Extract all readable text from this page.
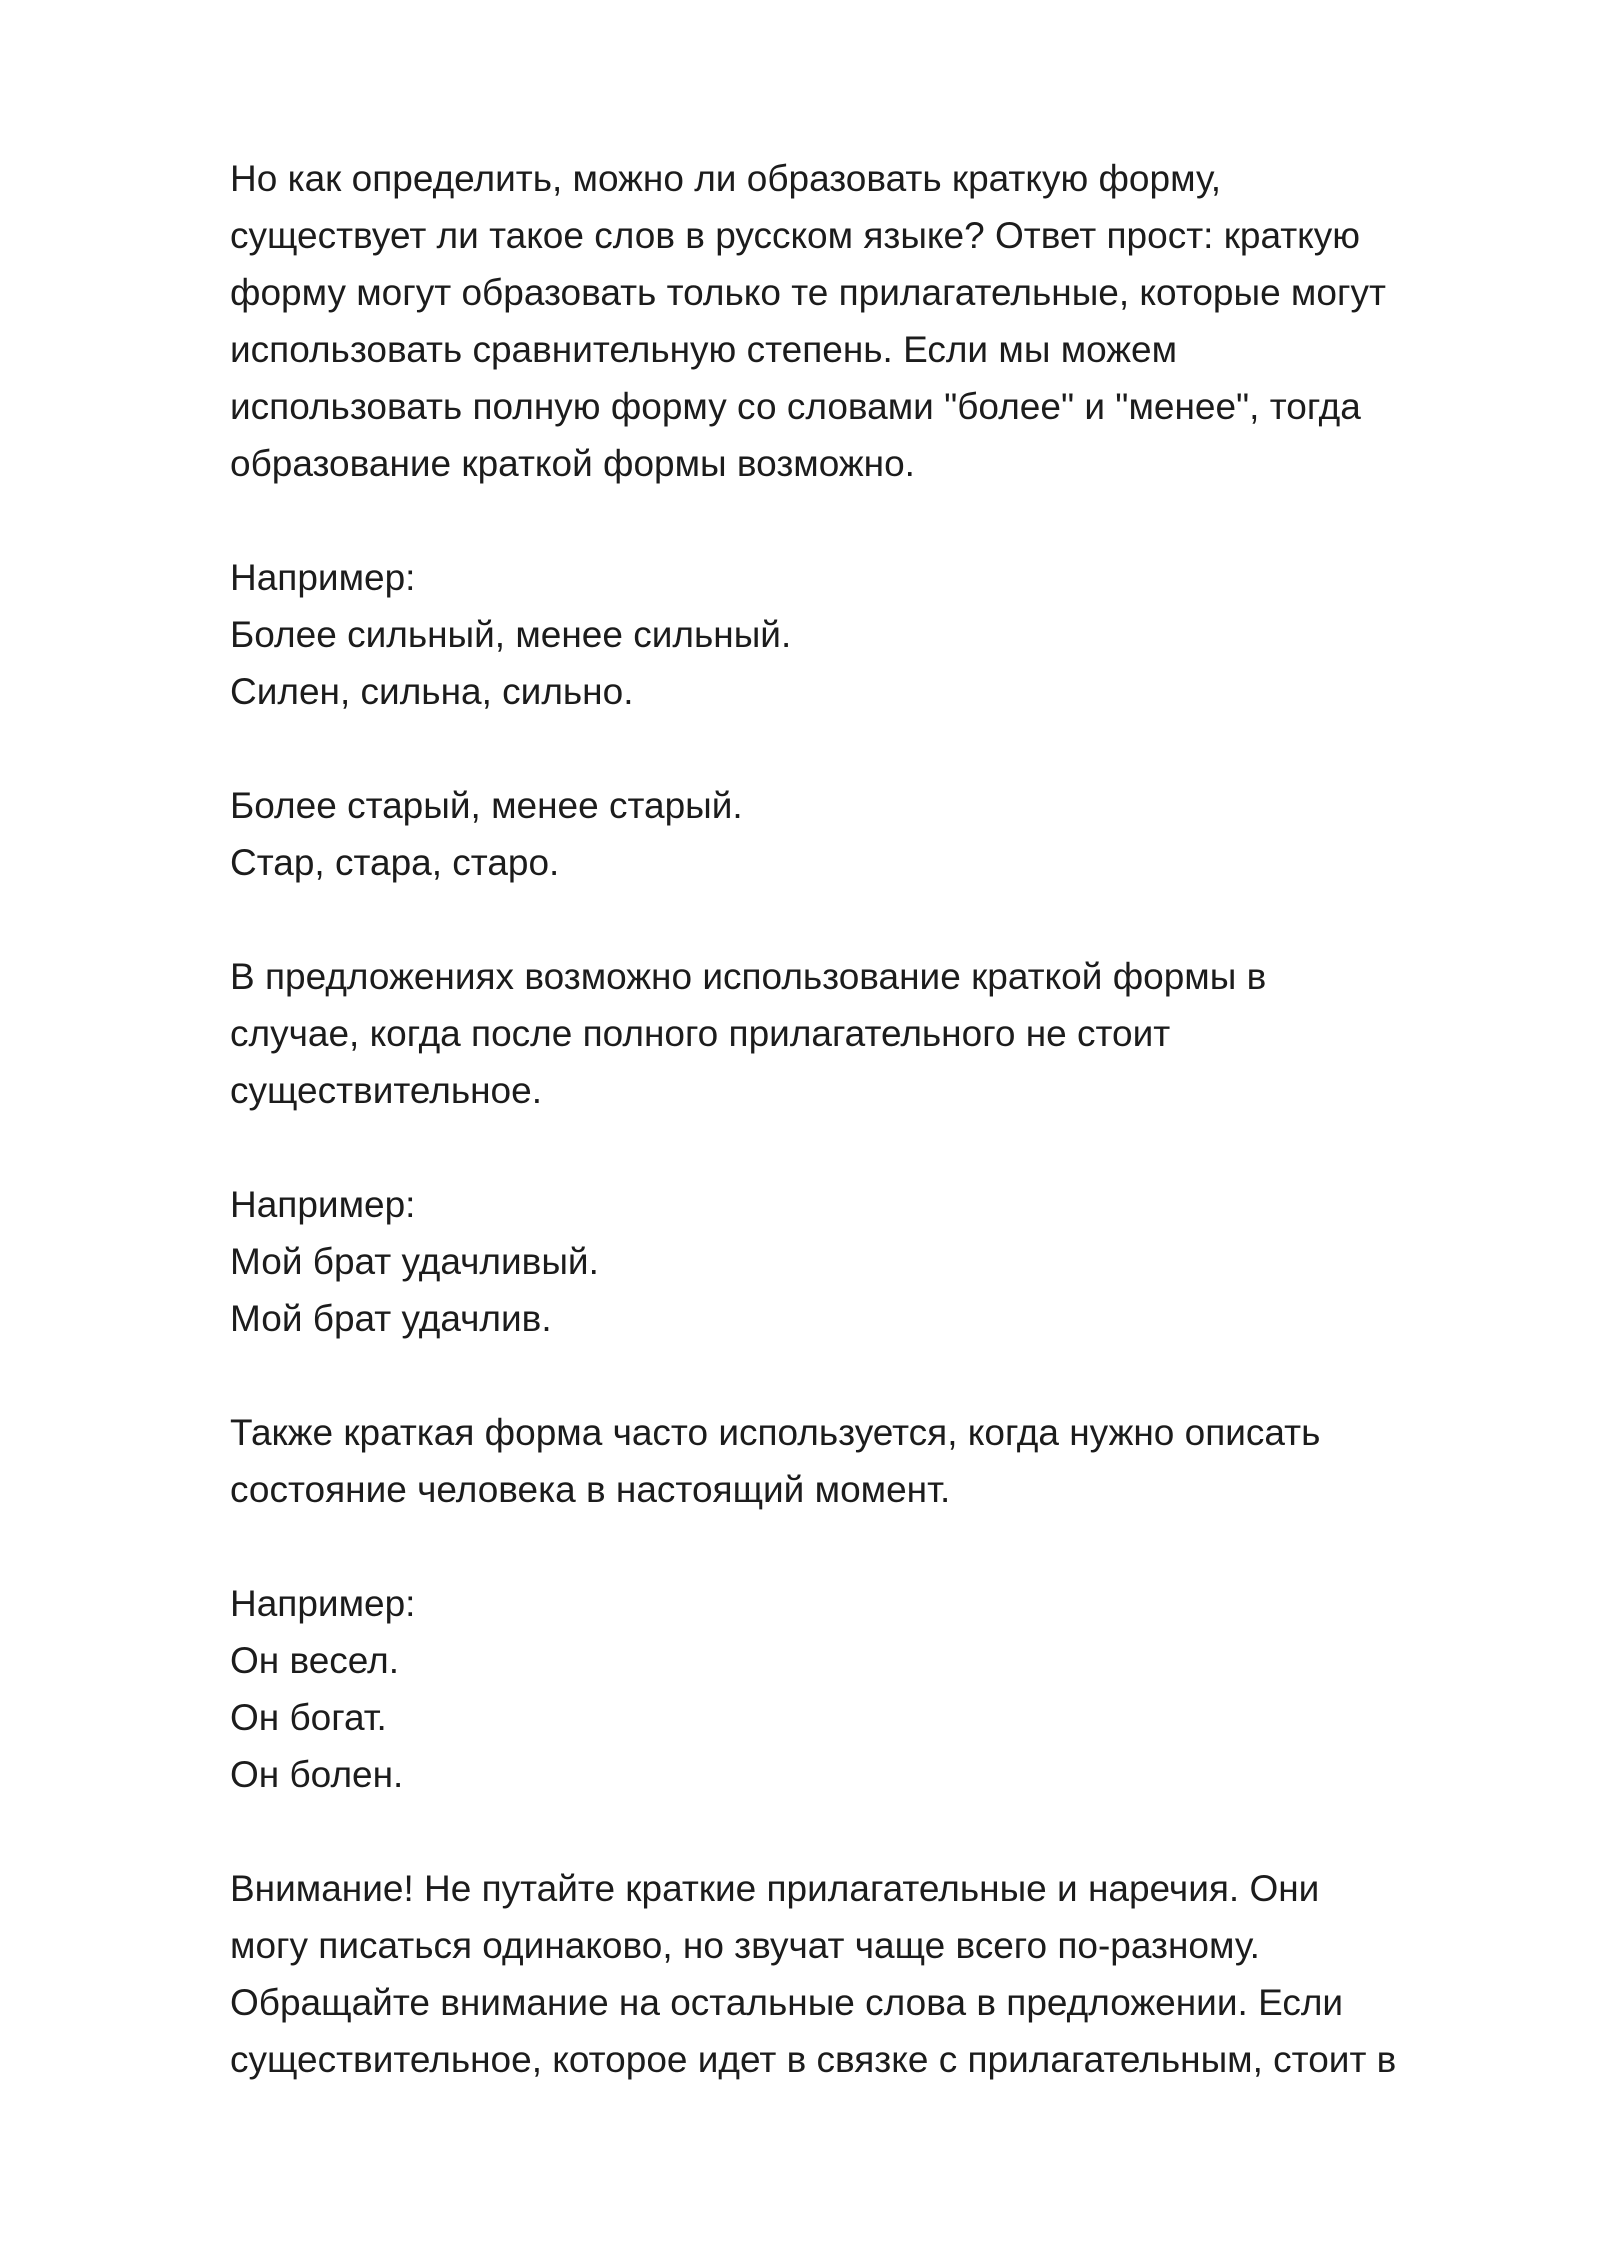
Но как определить, можно ли образовать краткую форму,
существует ли такое слов в русском языке? Ответ прост: краткую
форму могут образовать только те прилагательные, которые могут
использовать сравнительную степень. Если мы можем
использовать полную форму со словами "более" и "менее", тогда
образование краткой формы возможно.
Например:
Более сильный, менее сильный.
Силен, сильна, сильно.
Более старый, менее старый.
Стар, стара, старо.
В предложениях возможно использование краткой формы в
случае, когда после полного прилагательного не стоит
существительное.
Например:
Мой брат удачливый.
Мой брат удачлив.
Также краткая форма часто используется, когда нужно описать
состояние человека в настоящий момент.
Например:
Он весел.
Он богат.
Он болен.
Внимание! Не путайте краткие прилагательные и наречия. Они
могу писаться одинаково, но звучат чаще всего по-разному.
Обращайте внимание на остальные слова в предложении. Если
существительное, которое идет в связке с прилагательным, стоит в
